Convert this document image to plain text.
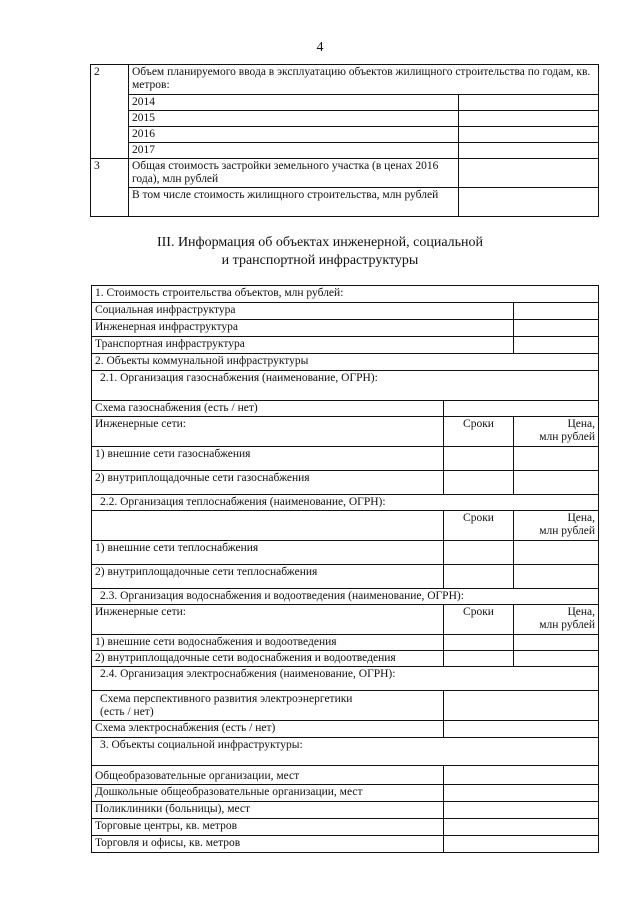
4
2	Объем планируемого ввода в эксплуатацию объектов жилищного строительства по годам, кв. метров:	
	2014	
	2015	
	2016	
	2017	
3	Общая стоимость застройки земельного участка (в ценах 2016 года), млн рублей	
	В том числе стоимость жилищного строительства, млн рублей	
III. Информация об объектах инженерной, социальной
и транспортной инфраструктуры
1. Стоимость строительства объектов, млн рублей:		
Социальная инфраструктура		
Инженерная инфраструктура		
Транспортная инфраструктура		
2. Объекты коммунальной инфраструктуры		
2.1. Организация газоснабжения (наименование, ОГРН):		
Схема газоснабжения (есть / нет)		
Инженерные сети:	Сроки	Цена,
млн рублей

1) внешние сети газоснабжения		
2) внутриплощадочные сети газоснабжения		
2.2. Организация теплоснабжения (наименование, ОГРН):		
	Сроки	Цена,
млн рублей

1) внешние сети теплоснабжения		
2) внутриплощадочные сети теплоснабжения		
2.3. Организация водоснабжения и водоотведения (наименование, ОГРН):		
Инженерные сети:	Сроки	Цена,
млн рублей

1) внешние сети водоснабжения и водоотведения		
2) внутриплощадочные сети водоснабжения и водоотведения		
2.4. Организация электроснабжения (наименование, ОГРН):		

Схема перспективного развития электроэнергетики
(есть / нет)		

Схема электроснабжения (есть / нет)		
3. Объекты социальной инфраструктуры:		
Общеобразовательные организации, мест		
Дошкольные общеобразовательные организации, мест		
Поликлиники (больницы), мест		
Торговые центры, кв. метров		
Торговля и офисы, кв. метров		
